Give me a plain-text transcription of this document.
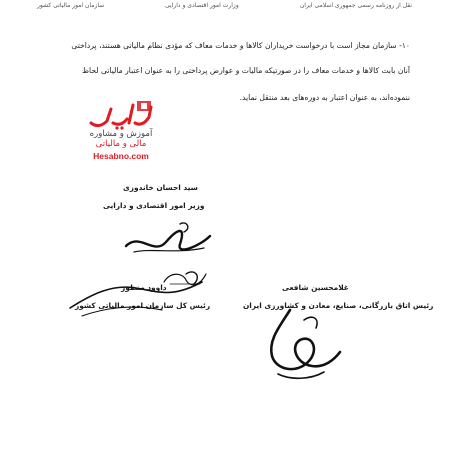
نقل از روزنامه رسمی جمهوری اسلامی ایران
وزارت امور اقتصادی و دارایی
سازمان امور مالیاتی کشور
۱۰- سازمان مجاز است با درخواست خریداران کالاها و خدمات معاف که مؤدی نظام مالیاتی هستند، پرداختی
آنان بابت کالاها و خدمات معاف را در صورتیکه مالیات و عوارض پرداختی را به عنوان اعتبار مالیاتی لحاظ
ننموده‌اند، به عنوان اعتبار به دوره‌های بعد منتقل نماید.
آموزش و مشاوره
مالی و مالیاتی
Hesabno.com
سید احسان خاندوزی
وزیر امور اقتصادی و دارایی
داوود منظور
رئیس کل سازمان امور مالیاتی کشور
غلامحسین شافعی
رئیس اتاق بازرگانی، صنایع، معادن و کشاورزی ایران
